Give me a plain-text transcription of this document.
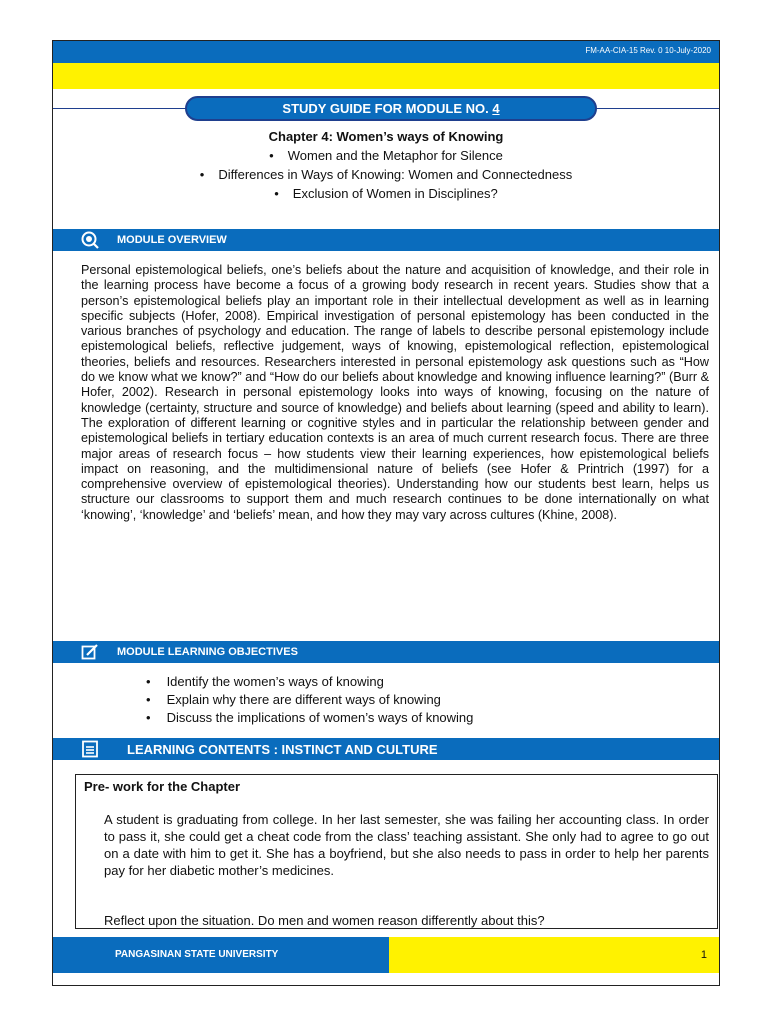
FM-AA-CIA-15 Rev. 0 10-July-2020
STUDY GUIDE FOR MODULE NO. 4
Chapter 4: Women’s ways of Knowing
• Women and the Metaphor for Silence
• Differences in Ways of Knowing: Women and Connectedness
• Exclusion of Women in Disciplines?
MODULE OVERVIEW
Personal epistemological beliefs, one’s beliefs about the nature and acquisition of knowledge, and their role in the learning process have become a focus of a growing body research in recent years. Studies show that a person’s epistemological beliefs play an important role in their intellectual development as well as in learning specific subjects (Hofer, 2008). Empirical investigation of personal epistemology has been conducted in the various branches of psychology and education. The range of labels to describe personal epistemology include epistemological beliefs, reflective judgement, ways of knowing, epistemological reflection, epistemological theories, beliefs and resources. Researchers interested in personal epistemology ask questions such as “How do we know what we know?” and “How do our beliefs about knowledge and knowing influence learning?” (Burr & Hofer, 2002). Research in personal epistemology looks into ways of knowing, focusing on the nature of knowledge (certainty, structure and source of knowledge) and beliefs about learning (speed and ability to learn). The exploration of different learning or cognitive styles and in particular the relationship between gender and epistemological beliefs in tertiary education contexts is an area of much current research focus. There are three major areas of research focus – how students view their learning experiences, how epistemological beliefs impact on reasoning, and the multidimensional nature of beliefs (see Hofer & Printrich (1997) for a comprehensive overview of epistemological theories). Understanding how our students best learn, helps us structure our classrooms to support them and much research continues to be done internationally on what ‘knowing’, ‘knowledge’ and ‘beliefs’ mean, and how they may vary across cultures (Khine, 2008).
MODULE LEARNING OBJECTIVES
• Identify the women’s ways of knowing
• Explain why there are different ways of knowing
• Discuss the implications of women’s ways of knowing
LEARNING CONTENTS : INSTINCT AND CULTURE
Pre- work for the Chapter
A student is graduating from college. In her last semester, she was failing her accounting class. In order to pass it, she could get a cheat code from the class’ teaching assistant. She only had to agree to go out on a date with him to get it. She has a boyfriend, but she also needs to pass in order to help her parents pay for her diabetic mother’s medicines.
Reflect upon the situation. Do men and women reason differently about this?
PANGASINAN STATE UNIVERSITY	1
